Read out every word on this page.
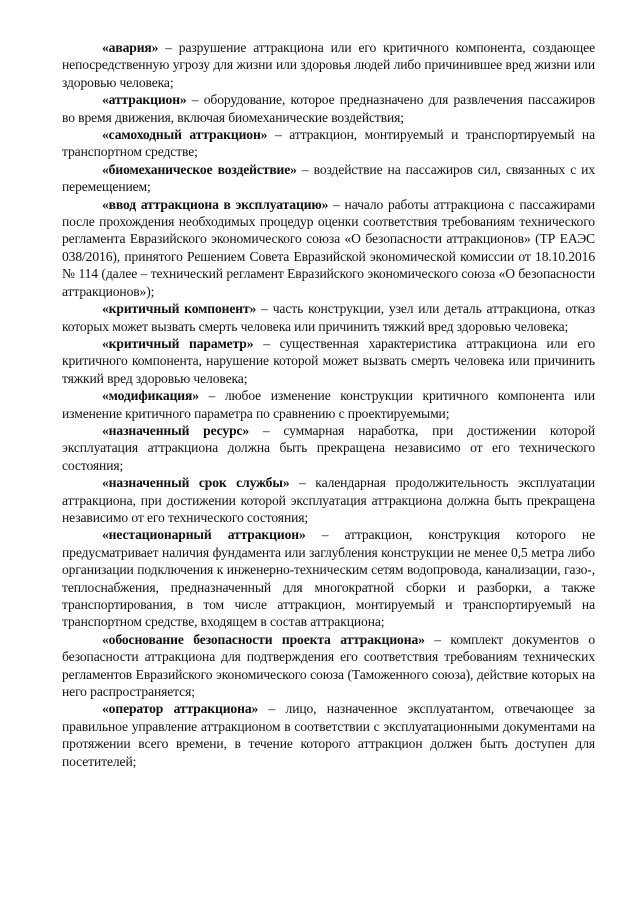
«авария» – разрушение аттракциона или его критичного компонента, создающее непосредственную угрозу для жизни или здоровья людей либо причинившее вред жизни или здоровью человека;

«аттракцион» – оборудование, которое предназначено для развлечения пассажиров во время движения, включая биомеханические воздействия;

«самоходный аттракцион» – аттракцион, монтируемый и транспортируемый на транспортном средстве;

«биомеханическое воздействие» – воздействие на пассажиров сил, связанных с их перемещением;

«ввод аттракциона в эксплуатацию» – начало работы аттракциона с пассажирами после прохождения необходимых процедур оценки соответствия требованиям технического регламента Евразийского экономического союза «О безопасности аттракционов» (ТР ЕАЭС 038/2016), принятого Решением Совета Евразийской экономической комиссии от 18.10.2016 № 114 (далее – технический регламент Евразийского экономического союза «О безопасности аттракционов»);

«критичный компонент» – часть конструкции, узел или деталь аттракциона, отказ которых может вызвать смерть человека или причинить тяжкий вред здоровью человека;

«критичный параметр» – существенная характеристика аттракциона или его критичного компонента, нарушение которой может вызвать смерть человека или причинить тяжкий вред здоровью человека;

«модификация» – любое изменение конструкции критичного компонента или изменение критичного параметра по сравнению с проектируемыми;

«назначенный ресурс» – суммарная наработка, при достижении которой эксплуатация аттракциона должна быть прекращена независимо от его технического состояния;

«назначенный срок службы» – календарная продолжительность эксплуатации аттракциона, при достижении которой эксплуатация аттракциона должна быть прекращена независимо от его технического состояния;

«нестационарный аттракцион» – аттракцион, конструкция которого не предусматривает наличия фундамента или заглубления конструкции не менее 0,5 метра либо организации подключения к инженерно-техническим сетям водопровода, канализации, газо-, теплоснабжения, предназначенный для многократной сборки и разборки, а также транспортирования, в том числе аттракцион, монтируемый и транспортируемый на транспортном средстве, входящем в состав аттракциона;

«обоснование безопасности проекта аттракциона» – комплект документов о безопасности аттракциона для подтверждения его соответствия требованиям технических регламентов Евразийского экономического союза (Таможенного союза), действие которых на него распространяется;

«оператор аттракциона» – лицо, назначенное эксплуатантом, отвечающее за правильное управление аттракционом в соответствии с эксплуатационными документами на протяжении всего времени, в течение которого аттракцион должен быть доступен для посетителей;
